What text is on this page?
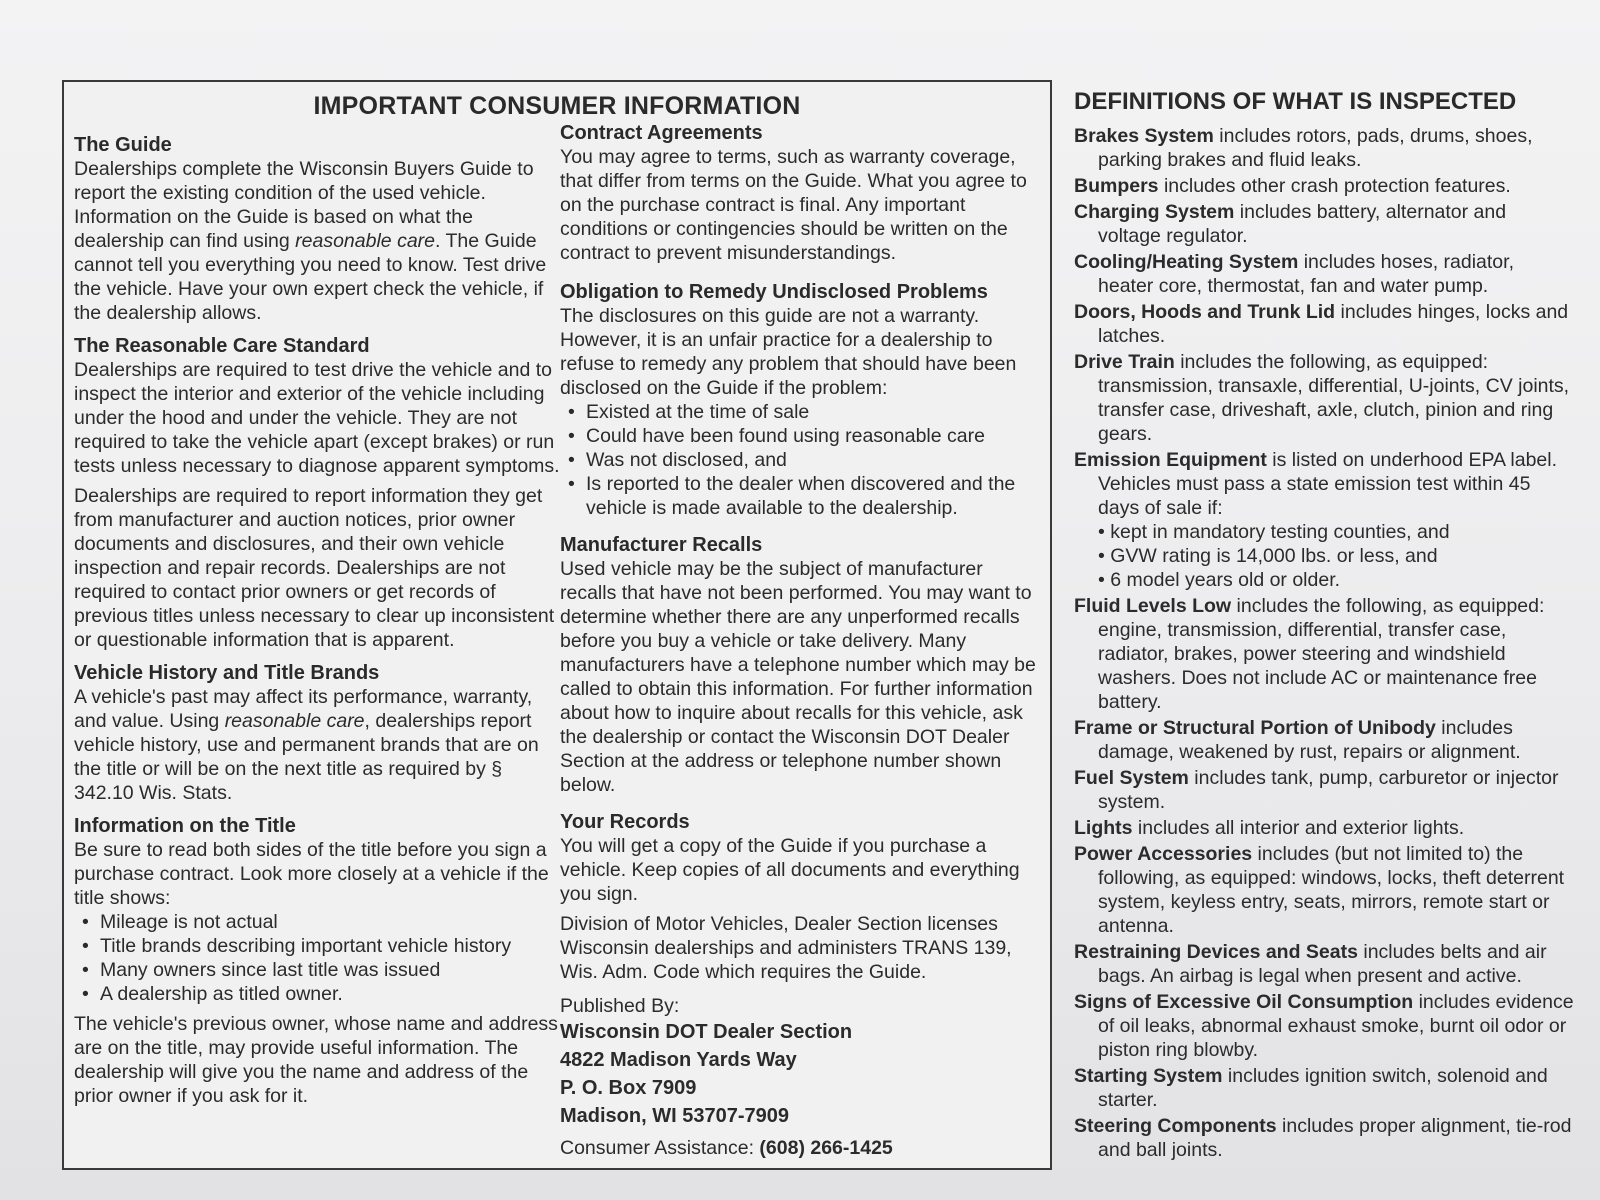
IMPORTANT CONSUMER INFORMATION
The Guide

Dealerships complete the Wisconsin Buyers Guide to report the existing condition of the used vehicle. Information on the Guide is based on what the dealership can find using reasonable care. The Guide cannot tell you everything you need to know. Test drive the vehicle. Have your own expert check the vehicle, if the dealership allows.

The Reasonable Care Standard

Dealerships are required to test drive the vehicle and to inspect the interior and exterior of the vehicle including under the hood and under the vehicle. They are not required to take the vehicle apart (except brakes) or run tests unless necessary to diagnose apparent symptoms.

Dealerships are required to report information they get from manufacturer and auction notices, prior owner documents and disclosures, and their own vehicle inspection and repair records. Dealerships are not required to contact prior owners or get records of previous titles unless necessary to clear up inconsistent or questionable information that is apparent.

Vehicle History and Title Brands

A vehicle's past may affect its performance, warranty, and value. Using reasonable care, dealerships report vehicle history, use and permanent brands that are on the title or will be on the next title as required by § 342.10 Wis. Stats.

Information on the Title

Be sure to read both sides of the title before you sign a purchase contract. Look more closely at a vehicle if the title shows:

• Mileage is not actual
• Title brands describing important vehicle history
• Many owners since last title was issued
• A dealership as titled owner.

The vehicle's previous owner, whose name and address are on the title, may provide useful information. The dealership will give you the name and address of the prior owner if you ask for it.

Contract Agreements

You may agree to terms, such as warranty coverage, that differ from terms on the Guide. What you agree to on the purchase contract is final. Any important conditions or contingencies should be written on the contract to prevent misunderstandings.

Obligation to Remedy Undisclosed Problems

The disclosures on this guide are not a warranty. However, it is an unfair practice for a dealership to refuse to remedy any problem that should have been disclosed on the Guide if the problem:

• Existed at the time of sale
• Could have been found using reasonable care
• Was not disclosed, and
• Is reported to the dealer when discovered and the vehicle is made available to the dealership.
Manufacturer Recalls

Used vehicle may be the subject of manufacturer recalls that have not been performed. You may want to determine whether there are any unperformed recalls before you buy a vehicle or take delivery. Many manufacturers have a telephone number which may be called to obtain this information. For further information about how to inquire about recalls for this vehicle, ask the dealership or contact the Wisconsin DOT Dealer Section at the address or telephone number shown below.

Your Records

You will get a copy of the Guide if you purchase a vehicle. Keep copies of all documents and everything you sign.

Division of Motor Vehicles, Dealer Section licenses Wisconsin dealerships and administers TRANS 139, Wis. Adm. Code which requires the Guide.

Published By:

Wisconsin DOT Dealer Section
4822 Madison Yards Way
P. O. Box 7909
Madison, WI 53707-7909

Consumer Assistance: (608) 266-1425

DEFINITIONS OF WHAT IS INSPECTED
Brakes System includes rotors, pads, drums, shoes, parking brakes and fluid leaks.
Bumpers includes other crash protection features.
Charging System includes battery, alternator and voltage regulator.
Cooling/Heating System includes hoses, radiator, heater core, thermostat, fan and water pump.
Doors, Hoods and Trunk Lid includes hinges, locks and latches.
Drive Train includes the following, as equipped: transmission, transaxle, differential, U-joints, CV joints, transfer case, driveshaft, axle, clutch, pinion and ring gears.
Emission Equipment is listed on underhood EPA label. Vehicles must pass a state emission test within 45 days of sale if:
• kept in mandatory testing counties, and
• GVW rating is 14,000 lbs. or less, and
• 6 model years old or older.
Fluid Levels Low includes the following, as equipped: engine, transmission, differential, transfer case, radiator, brakes, power steering and windshield washers. Does not include AC or maintenance free battery.
Frame or Structural Portion of Unibody includes damage, weakened by rust, repairs or alignment.
Fuel System includes tank, pump, carburetor or injector system.
Lights includes all interior and exterior lights.
Power Accessories includes (but not limited to) the following, as equipped: windows, locks, theft deterrent system, keyless entry, seats, mirrors, remote start or antenna.
Restraining Devices and Seats includes belts and air bags. An airbag is legal when present and active.
Signs of Excessive Oil Consumption includes evidence of oil leaks, abnormal exhaust smoke, burnt oil odor or piston ring blowby.
Starting System includes ignition switch, solenoid and starter.
Steering Components includes proper alignment, tie-rod and ball joints.
